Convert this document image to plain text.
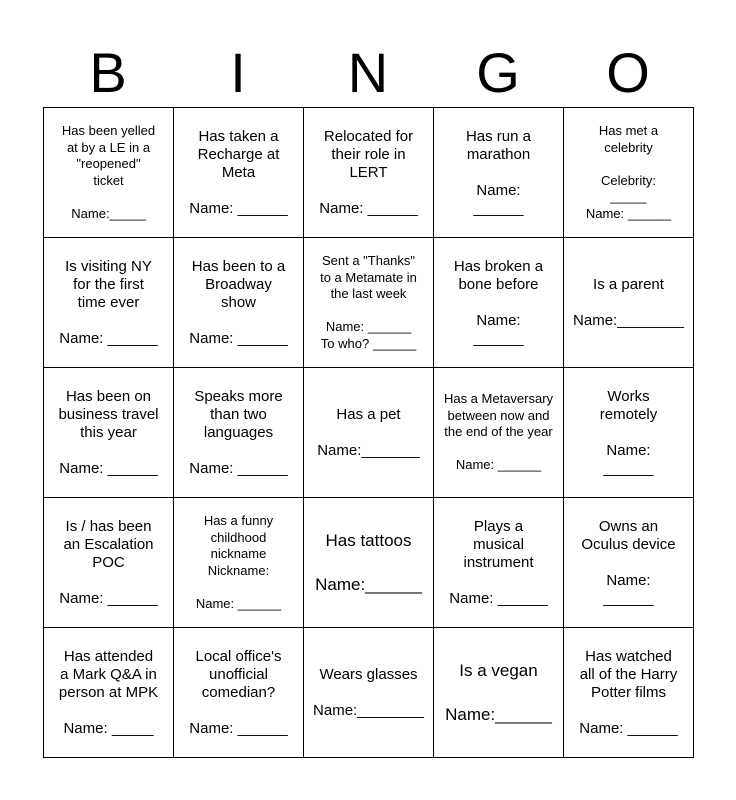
B	I	N	G	O
Has been yelled
at by a LE in a
"reopened"
ticket

Name:_____	Has taken a
Recharge at
Meta

Name: ______	Relocated for
their role in
LERT

Name: ______	Has run a
marathon

Name:
______	Has met a
celebrity

Celebrity:
_____
Name: ______

Is visiting NY
for the first
time ever

Name: ______	Has been to a
Broadway
show

Name: ______	Sent a "Thanks"
to a Metamate in
the last week

Name: ______
To who? ______	Has broken a
bone before

Name:
______	Is a parent

Name:________

Has been on
business travel
this year

Name: ______	Speaks more
than two
languages

Name: ______	Has a pet

Name:_______	Has a Metaversary
between now and
the end of the year

Name: ______	Works
remotely

Name:
______

Is / has been
an Escalation
POC

Name: ______	Has a funny
childhood
nickname
Nickname:

Name: ______	Has tattoos

Name:______	Plays a
musical
instrument

Name: ______	Owns an
Oculus device

Name:
______

Has attended
a Mark Q&A in
person at MPK

Name: _____	Local office's
unofficial
comedian?

Name: ______	Wears glasses

Name:________	Is a vegan

Name:______	Has watched
all of the Harry
Potter films

Name: ______
